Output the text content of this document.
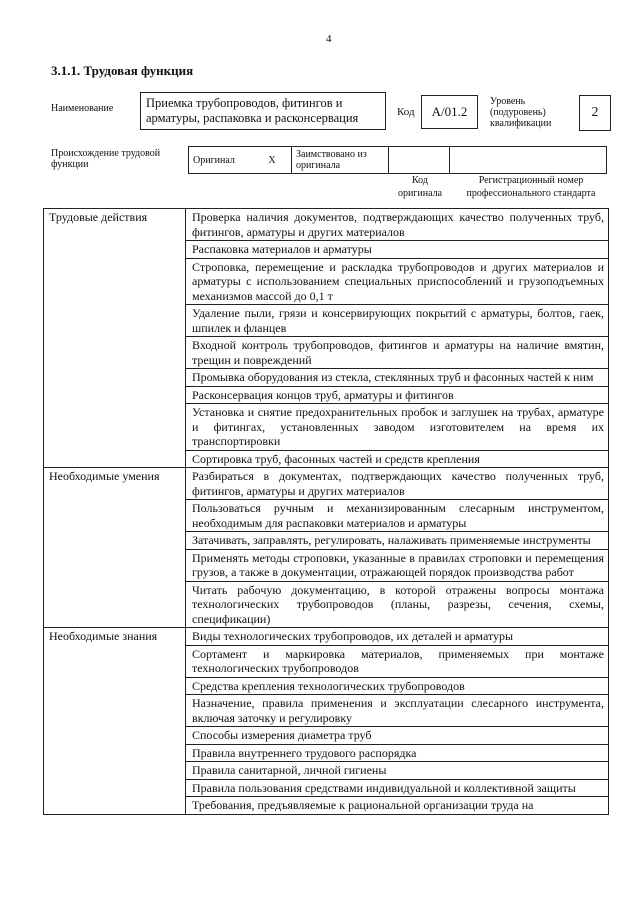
4
3.1.1. Трудовая функция
Наименование	Приемка трубопроводов, фитингов и арматуры, распаковка и расконсервация	Код	A/01.2
Уровень (подуровень) квалификации
2
Происхождение трудовой функции	Оригинал	X	Заимствовано из оригинала		
Код оригинала
Регистрационный номер профессионального стандарта
Трудовые действия	Проверка наличия документов, подтверждающих качество полученных труб, фитингов, арматуры и других материалов
	Распаковка материалов и арматуры
	Строповка, перемещение и раскладка трубопроводов и других материалов и арматуры с использованием специальных приспособлений и грузоподъемных механизмов массой до 0,1 т
	Удаление пыли, грязи и консервирующих покрытий с арматуры, болтов, гаек, шпилек и фланцев
	Входной контроль трубопроводов, фитингов и арматуры на наличие вмятин, трещин и повреждений
	Промывка оборудования из стекла, стеклянных труб и фасонных частей к ним
	Расконсервация концов труб, арматуры и фитингов
	Установка и снятие предохранительных пробок и заглушек на трубах, арматуре и фитингах, установленных заводом изготовителем на время их транспортировки
	Сортировка труб, фасонных частей и средств крепления
Необходимые умения	Разбираться в документах, подтверждающих качество полученных труб, фитингов, арматуры и других материалов
	Пользоваться ручным и механизированным слесарным инструментом, необходимым для распаковки материалов и арматуры
	Затачивать, заправлять, регулировать, налаживать применяемые инструменты
	Применять методы строповки, указанные в правилах строповки и перемещения грузов, а также в документации, отражающей порядок производства работ
	Читать рабочую документацию, в которой отражены вопросы монтажа технологических трубопроводов (планы, разрезы, сечения, схемы, спецификации)
Необходимые знания	Виды технологических трубопроводов, их деталей и арматуры
	Сортамент и маркировка материалов, применяемых при монтаже технологических трубопроводов
	Средства крепления технологических трубопроводов
	Назначение, правила применения и эксплуатации слесарного инструмента, включая заточку и регулировку
	Способы измерения диаметра труб
	Правила внутреннего трудового распорядка
	Правила санитарной, личной гигиены
	Правила пользования средствами индивидуальной и коллективной защиты
	Требования, предъявляемые к рациональной организации труда на
